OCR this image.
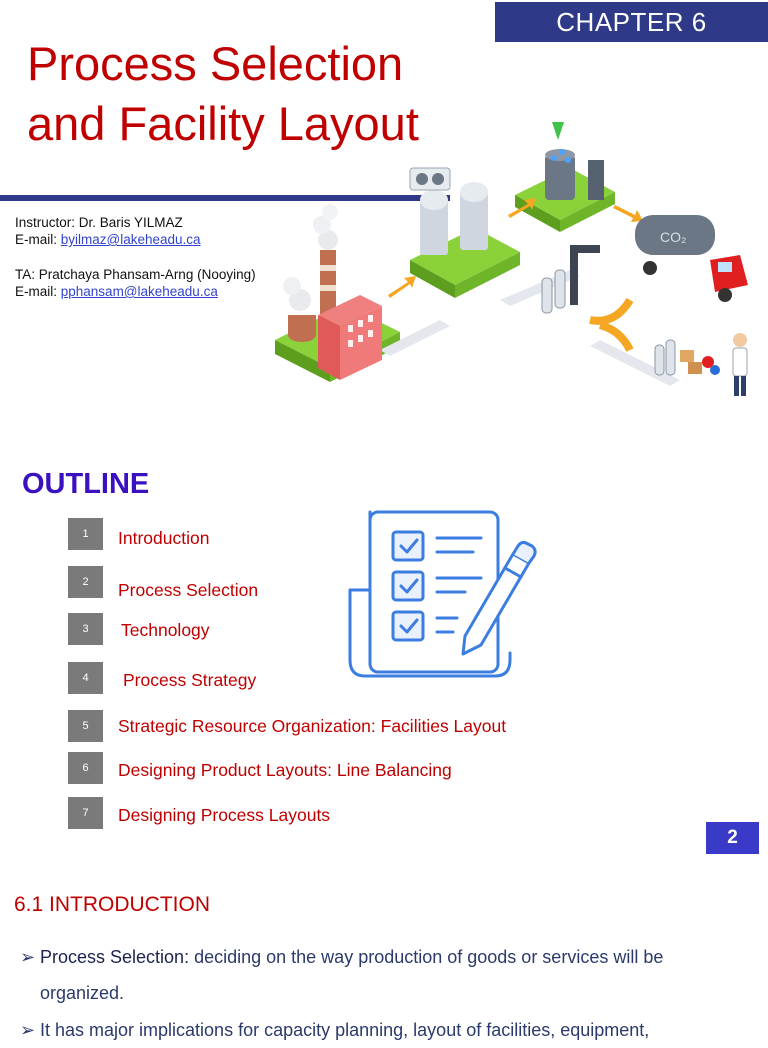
CHAPTER 6
Process Selection
and Facility Layout
Instructor: Dr. Baris YILMAZ
E-mail: byilmaz@lakeheadu.ca
TA: Pratchaya Phansam-Arng (Nooying)
E-mail: pphansam@lakeheadu.ca
CO₂
OUTLINE
1	Introduction
2	Process Selection
3	Technology
4	Process Strategy
5	Strategic Resource Organization: Facilities Layout
6	Designing Product Layouts: Line Balancing
7	Designing Process Layouts
2
6.1 INTRODUCTION
➢ Process Selection: deciding on the way production of goods or services will be
organized.
➢ It has major implications for capacity planning, layout of facilities, equipment,
